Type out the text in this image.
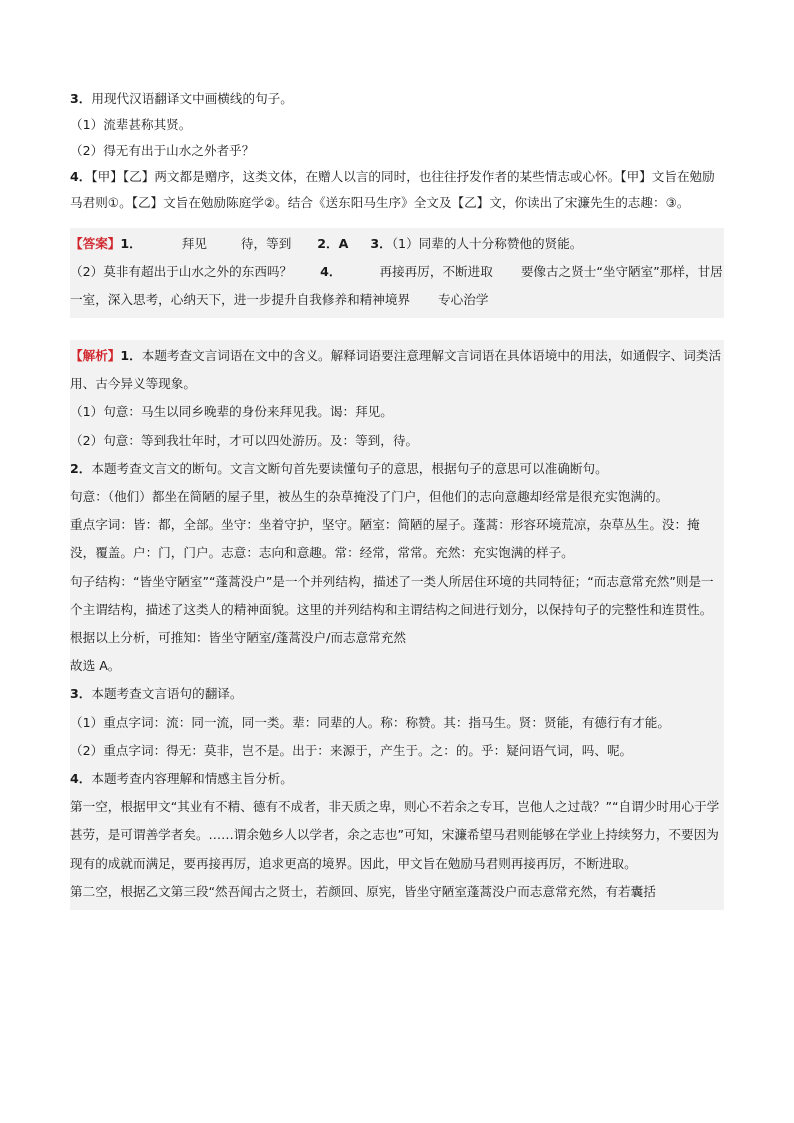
3．用现代汉语翻译文中画横线的句子。

（1）流辈甚称其贤。

（2）得无有出于山水之外者乎？

4．【甲】【乙】两文都是赠序，这类文体，在赠人以言的同时，也往往抒发作者的某些情志或心怀。【甲】文旨在勉励马君则①。【乙】文旨在勉励陈庭学②。结合《送东阳马生序》全文及【乙】文，你读出了宋濂先生的志趣：③。

【答案】1．	拜见	待，等到 2．A 3．（1）同辈的人十分称赞他的贤能。
（2）莫非有超出于山水之外的东西吗？ 4．	再接再厉，不断进取 要像古之贤士“坐守陋室”那样，甘居一室，深入思考，心纳天下，进一步提升自我修养和精神境界 专心治学

【解析】1．本题考查文言词语在文中的含义。解释词语要注意理解文言词语在具体语境中的用法，如通假字、词类活用、古今异义等现象。

（1）句意：马生以同乡晚辈的身份来拜见我。谒：拜见。

（2）句意：等到我壮年时，才可以四处游历。及：等到，待。

2．本题考查文言文的断句。文言文断句首先要读懂句子的意思，根据句子的意思可以准确断句。

句意：（他们）都坐在简陋的屋子里，被丛生的杂草掩没了门户，但他们的志向意趣却经常是很充实饱满的。

重点字词：皆：都，全部。坐守：坐着守护，坚守。陋室：简陋的屋子。蓬蒿：形容环境荒凉，杂草丛生。没：掩没，覆盖。户：门，门户。志意：志向和意趣。常：经常，常常。充然：充实饱满的样子。

句子结构：“皆坐守陋室”“蓬蒿没户”是一个并列结构，描述了一类人所居住环境的共同特征；“而志意常充然”则是一个主谓结构，描述了这类人的精神面貌。这里的并列结构和主谓结构之间进行划分，以保持句子的完整性和连贯性。

根据以上分析，可推知：皆坐守陋室/蓬蒿没户/而志意常充然

故选 A。

3．本题考查文言语句的翻译。

（1）重点字词：流：同一流，同一类。辈：同辈的人。称：称赞。其：指马生。贤：贤能，有德行有才能。

（2）重点字词：得无：莫非，岂不是。出于：来源于，产生于。之：的。乎：疑问语气词，吗、呢。

4．本题考查内容理解和情感主旨分析。

第一空，根据甲文“其业有不精、德有不成者，非天质之卑，则心不若余之专耳，岂他人之过哉？”“自谓少时用心于学甚劳，是可谓善学者矣。……谓余勉乡人以学者，余之志也”可知，宋濂希望马君则能够在学业上持续努力，不要因为现有的成就而满足，要再接再厉，追求更高的境界。因此，甲文旨在勉励马君则再接再厉，不断进取。

第二空，根据乙文第三段“然吾闻古之贤士，若颜回、原宪，皆坐守陋室蓬蒿没户而志意常充然，有若囊括
